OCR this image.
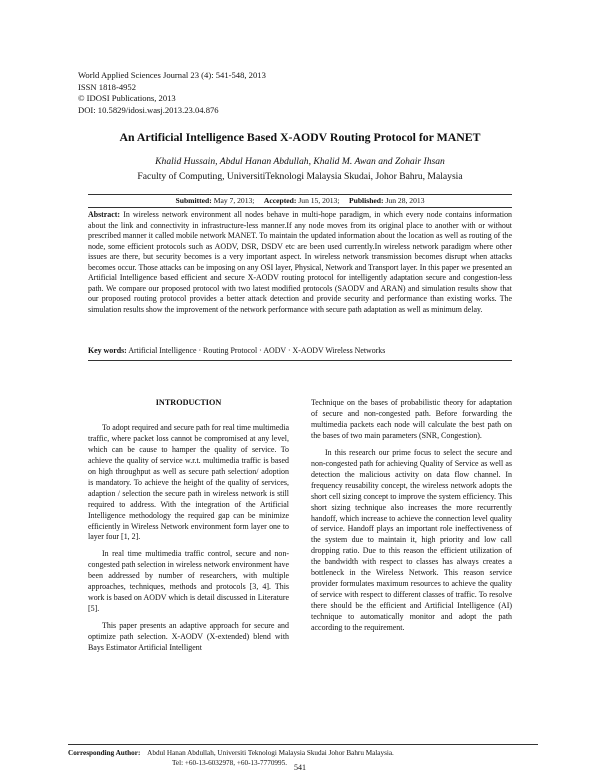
World Applied Sciences Journal 23 (4): 541-548, 2013
ISSN 1818-4952
© IDOSI Publications, 2013
DOI: 10.5829/idosi.wasj.2013.23.04.876
An Artificial Intelligence Based X-AODV Routing Protocol for MANET
Khalid Hussain, Abdul Hanan Abdullah, Khalid M. Awan and Zohair Ihsan
Faculty of Computing, UniversitiTeknologi Malaysia Skudai, Johor Bahru, Malaysia
Submitted: May 7, 2013; Accepted: Jun 15, 2013; Published: Jun 28, 2013
Abstract: In wireless network environment all nodes behave in multi-hope paradigm, in which every node contains information about the link and connectivity in infrastructure-less manner.If any node moves from its original place to another with or without prescribed manner it called mobile network MANET. To maintain the updated information about the location as well as routing of the node, some efficient protocols such as AODV, DSR, DSDV etc are been used currently.In wireless network paradigm where other issues are there, but security becomes is a very important aspect. In wireless network transmission becomes disrupt when attacks becomes occur. Those attacks can be imposing on any OSI layer, Physical, Network and Transport layer. In this paper we presented an Artificial Intelligence based efficient and secure X-AODV routing protocol for intelligently adaptation secure and congestion-less path. We compare our proposed protocol with two latest modified protocols (SAODV and ARAN) and simulation results show that our proposed routing protocol provides a better attack detection and provide security and performance than existing works. The simulation results show the improvement of the network performance with secure path adaptation as well as minimum delay.
Key words: Artificial Intelligence · Routing Protocol · AODV · X-AODV Wireless Networks
INTRODUCTION

To adopt required and secure path for real time multimedia traffic, where packet loss cannot be compromised at any level, which can be cause to hamper the quality of service. To achieve the quality of service w.r.t. multimedia traffic is based on high throughput as well as secure path selection/ adoption is mandatory. To achieve the height of the quality of services, adaption / selection the secure path in wireless network is still required to address. With the integration of the Artificial Intelligence methodology the required gap can be minimize efficiently in Wireless Network environment form layer one to layer four [1, 2].

In real time multimedia traffic control, secure and non-congested path selection in wireless network environment have been addressed by number of researchers, with multiple approaches, techniques, methods and protocols [3, 4]. This work is based on AODV which is detail discussed in Literature [5].

This paper presents an adaptive approach for secure and optimize path selection. X-AODV (X-extended) blend with Bays Estimator Artificial Intelligent

Technique on the bases of probabilistic theory for adaptation of secure and non-congested path. Before forwarding the multimedia packets each node will calculate the best path on the bases of two main parameters (SNR, Congestion).

In this research our prime focus to select the secure and non-congested path for achieving Quality of Service as well as detection the malicious activity on data flow channel. In frequency reusability concept, the wireless network adopts the short cell sizing concept to improve the system efficiency. This short sizing technique also increases the more recurrently handoff, which increase to achieve the connection level quality of service. Handoff plays an important role ineffectiveness of the system due to maintain it, high priority and low call dropping ratio. Due to this reason the efficient utilization of the bandwidth with respect to classes has always creates a bottleneck in the Wireless Network. This reason service provider formulates maximum resources to achieve the quality of service with respect to different classes of traffic. To resolve there should be the efficient and Artificial Intelligence (AI) technique to automatically monitor and adopt the path according to the requirement.

Corresponding Author: Abdul Hanan Abdullah, Universiti Teknologi Malaysia Skudai Johor Bahru Malaysia.
Tel: +60-13-6032978, +60-13-7770995. 541
